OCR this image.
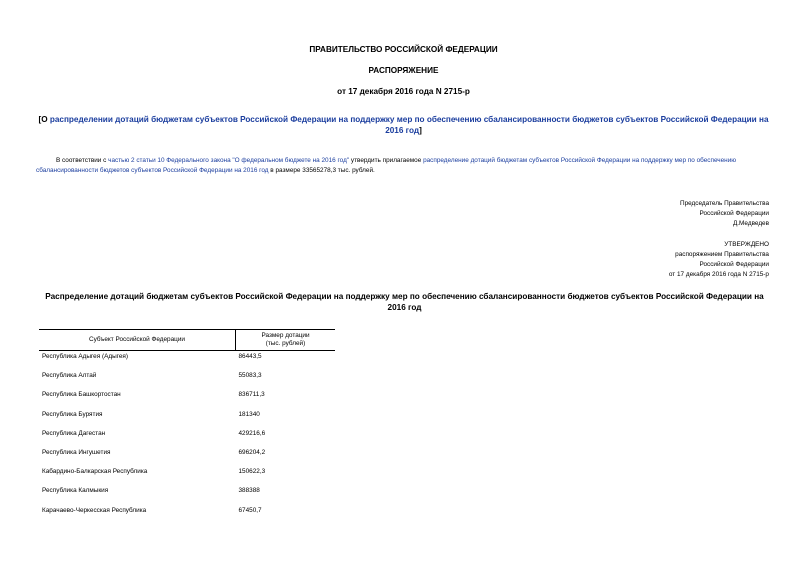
ПРАВИТЕЛЬСТВО РОССИЙСКОЙ ФЕДЕРАЦИИ
РАСПОРЯЖЕНИЕ
от 17 декабря 2016 года N 2715-р
[О распределении дотаций бюджетам субъектов Российской Федерации на поддержку мер по обеспечению сбалансированности бюджетов субъектов Российской Федерации на 2016 год]
В соответствии с частью 2 статьи 10 Федерального закона "О федеральном бюджете на 2016 год" утвердить прилагаемое распределение дотаций бюджетам субъектов Российской Федерации на поддержку мер по обеспечению сбалансированности бюджетов субъектов Российской Федерации на 2016 год в размере 33565278,3 тыс. рублей.
Председатель Правительства
Российской Федерации
Д.Медведев
УТВЕРЖДЕНО
распоряжением Правительства
Российской Федерации
от 17 декабря 2016 года N 2715-р
Распределение дотаций бюджетам субъектов Российской Федерации на поддержку мер по обеспечению сбалансированности бюджетов субъектов Российской Федерации на 2016 год
Субъект Российской Федерации	Размер дотации
(тыс. рублей)

Республика Адыгея (Адыгея)	86443,5
Республика Алтай	55083,3
Республика Башкортостан	836711,3
Республика Бурятия	181340
Республика Дагестан	429216,6
Республика Ингушетия	696204,2
Кабардино-Балкарская Республика	150622,3
Республика Калмыкия	388388
Карачаево-Черкесская Республика	67450,7
